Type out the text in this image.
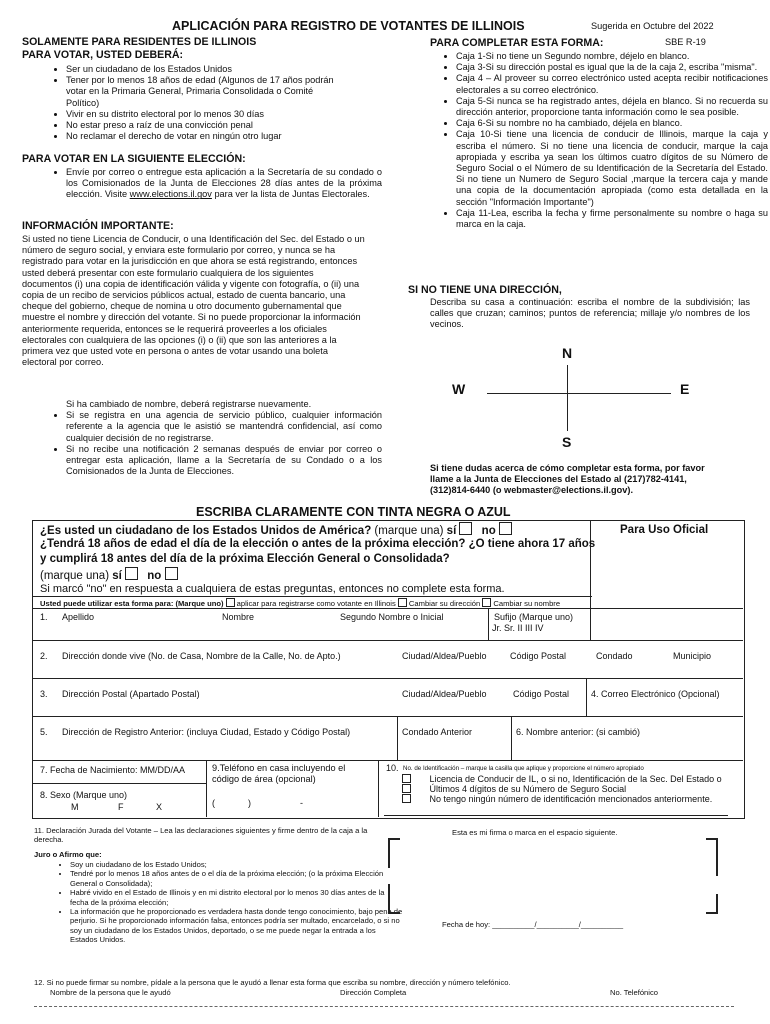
APLICACIÓN PARA REGISTRO DE VOTANTES DE ILLINOIS	Sugerida en Octubre del 2022
SBE R-19
SOLAMENTE PARA RESIDENTES DE ILLINOIS
PARA VOTAR, USTED DEBERÁ:
• Ser un ciudadano de los Estados Unidos
• Tener por lo menos 18 años de edad (Algunos de 17 años podrán votar en la Primaria General, Primaria Consolidada o Comité Político)
• Vivir en su distrito electoral por lo menos 30 días
• No estar preso a raíz de una convicción penal
• No reclamar el derecho de votar en ningún otro lugar
PARA VOTAR EN LA SIGUIENTE ELECCIÓN:
• Envíe por correo o entregue esta aplicación a la Secretaría de su condado o los Comisionados de la Junta de Elecciones 28 días antes de la próxima elección. Visite www.elections.il.gov para ver la lista de Juntas Electorales.
INFORMACIÓN IMPORTANTE:
Si usted no tiene Licencia de Conducir, o una Identificación del Sec. del Estado o un número de seguro social, y enviara este formulario por correo, y nunca se ha registrado para votar en la jurisdicción en que ahora se está registrando, entonces usted deberá presentar con este formulario cualquiera de los siguientes documentos (i) una copia de identificación válida y vigente con fotografía, o (ii) una copia de un recibo de servicios públicos actual, estado de cuenta bancario, una cheque del gobierno, cheque de nomina u otro documento gubernamental que muestre el nombre y dirección del votante. Si no puede proporcionar la información anteriormente requerida, entonces se le requerirá proveerles a los oficiales electorales con cualquiera de las opciones (i) o (ii) que son las anteriores a la primera vez que usted vote en persona o antes de votar usando una boleta electoral por correo.
Si ha cambiado de nombre, deberá registrarse nuevamente.
• Si se registra en una agencia de servicio público, cualquier información referente a la agencia que le asistió se mantendrá confidencial, así como cualquier decisión de no registrarse.
• Si no recibe una notificación 2 semanas después de enviar por correo o entregar esta aplicación, llame a la Secretaría de su Condado o a los Comisionados de la Junta de Elecciones.
PARA COMPLETAR ESTA FORMA:
• Caja 1-Si no tiene un Segundo nombre, déjelo en blanco.
• Caja 3-Si su dirección postal es igual que la de la caja 2, escriba "misma".
• Caja 4 – Al proveer su correo electrónico usted acepta recibir notificaciones electorales a su correo electrónico.
• Caja 5-Si nunca se ha registrado antes, déjela en blanco. Si no recuerda su dirección anterior, proporcione tanta información como le sea posible.
• Caja 6-Si su nombre no ha cambiado, déjela en blanco.
• Caja 10-Si tiene una licencia de conducir de Illinois, marque la caja y escriba el número. Si no tiene una licencia de conducir, marque la caja apropiada y escriba ya sean los últimos cuatro dígitos de su Número de Seguro Social o el Número de su Identificación de la Secretaría del Estado. Si no tiene un Numero de Seguro Social ,marque la tercera caja y mande una copia de la documentación apropiada (como esta detallada en la sección "Información Importante")
• Caja 11-Lea, escriba la fecha y firme personalmente su nombre o haga su marca en la caja.
SI NO TIENE UNA DIRECCIÓN,
Describa su casa a continuación: escriba el nombre de la subdivisión; las calles que cruzan; caminos; puntos de referencia; millaje y/o nombres de los vecinos.
N
W	E
S
Si tiene dudas acerca de cómo completar esta forma, por favor llame a la Junta de Elecciones del Estado al (217)782-4141, (312)814-6440 (o webmaster@elections.il.gov).
ESCRIBA CLARAMENTE CON TINTA NEGRA O AZUL
Para Uso Oficial
¿Es usted un ciudadano de los Estados Unidos de América? (marque una) sí no
¿Tendrá 18 años de edad el día de la elección o antes de la próxima elección? ¿O tiene ahora 17 años y cumplirá 18 antes del día de la próxima Elección General o Consolidada?
(marque una) sí no
Si marcó "no" en respuesta a cualquiera de estas preguntas, entonces no complete esta forma.
Usted puede utilizar esta forma para: (Marque uno) aplicar para registrarse como votante en Illinois Cambiar su dirección Cambiar su nombre
1. Apellido	Nombre	Segundo Nombre o Inicial	Sufijo (Marque uno)
Jr. Sr. II III IV
2. Dirección donde vive (No. de Casa, Nombre de la Calle, No. de Apto.)	Ciudad/Aldea/Pueblo	Código Postal	Condado	Municipio
3. Dirección Postal (Apartado Postal)	Ciudad/Aldea/Pueblo	Código Postal 4. Correo Electrónico (Opcional)
5. Dirección de Registro Anterior: (incluya Ciudad, Estado y Código Postal)	Condado Anterior	6. Nombre anterior: (si cambió)
7. Fecha de Nacimiento: MM/DD/AA
8. Sexo (Marque uno)
M	F	X
9.Teléfono en casa incluyendo el código de área (opcional)
(	)	-
10. No. de Identificación – marque la casilla que aplique y proporcione el número apropiado
Licencia de Conducir de IL, o si no, Identificación de la Sec. Del Estado o
Últimos 4 dígitos de su Número de Seguro Social
No tengo ningún número de identificación mencionados anteriormente.
11. Declaración Jurada del Votante – Lea las declaraciones siguientes y firme dentro de la caja a la derecha.
Juro o Afirmo que:
• Soy un ciudadano de los Estado Unidos;
• Tendré por lo menos 18 años antes de o el día de la próxima elección; (o la próxima Elección General o Consolidada);
• Habré vivido en el Estado de Illinois y en mi distrito electoral por lo menos 30 días antes de la fecha de la próxima elección;
• La información que he proporcionado es verdadera hasta donde tengo conocimiento, bajo pena de perjurio. Si he proporcionado información falsa, entonces podría ser multado, encarcelado, o si no soy un ciudadano de los Estados Unidos, deportado, o se me puede negar la entrada a los Estados Unidos.
Esta es mi firma o marca en el espacio siguiente.
Fecha de hoy: __________/__________/__________
12. Si no puede firmar su nombre, pídale a la persona que le ayudó a llenar esta forma que escriba su nombre, dirección y número telefónico.
Nombre de la persona que le ayudó	Dirección Completa	No. Telefónico
